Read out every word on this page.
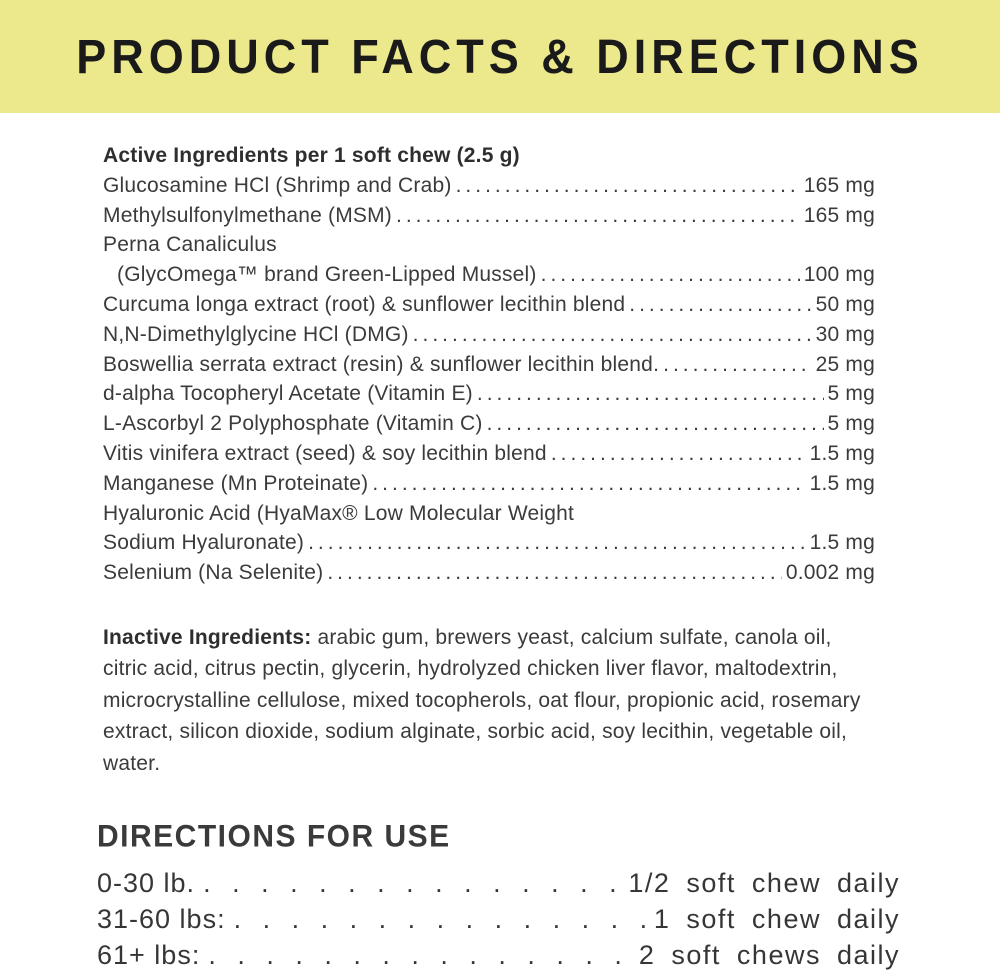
PRODUCT FACTS & DIRECTIONS
Active Ingredients per 1 soft chew (2.5 g)
Glucosamine HCl (Shrimp and Crab) .....	165 mg
Methylsulfonylmethane (MSM) .....	165 mg
Perna Canaliculus
(GlycOmega™ brand Green-Lipped Mussel) .....	100 mg
Curcuma longa extract (root) & sunflower lecithin blend .....	50 mg
N,N-Dimethylglycine HCl (DMG) .....	30 mg
Boswellia serrata extract (resin) & sunflower lecithin blend. .....	25 mg
d-alpha Tocopheryl Acetate (Vitamin E) .....	5 mg
L-Ascorbyl 2 Polyphosphate (Vitamin C) .....	5 mg
Vitis vinifera extract (seed) & soy lecithin blend .....	1.5 mg
Manganese (Mn Proteinate) .....	1.5 mg
Hyaluronic Acid (HyaMax® Low Molecular Weight
Sodium Hyaluronate) .....	1.5 mg
Selenium (Na Selenite) .....	0.002 mg
Inactive Ingredients: arabic gum, brewers yeast, calcium sulfate, canola oil, citric acid, citrus pectin, glycerin, hydrolyzed chicken liver flavor, maltodextrin, microcrystalline cellulose, mixed tocopherols, oat flour, propionic acid, rosemary extract, silicon dioxide, sodium alginate, sorbic acid, soy lecithin, vegetable oil, water.
DIRECTIONS FOR USE
0-30 lb. . . .	1/2 soft chew daily
31-60 lbs: . . .	1 soft chew daily
61+ lbs: . . .	2 soft chews daily
